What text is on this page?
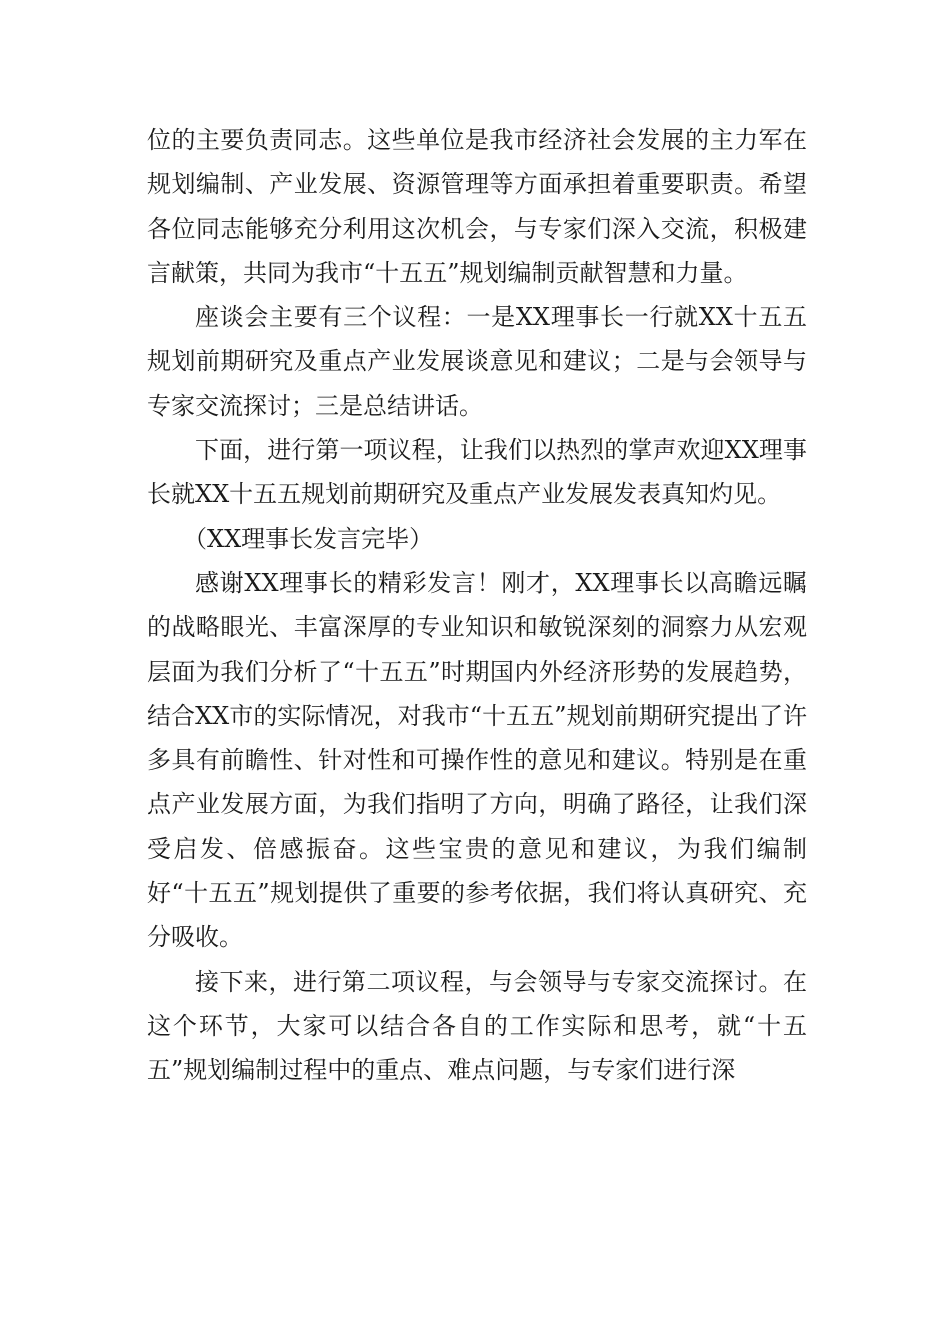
位的主要负责同志。这些单位是我市经济社会发展的主力军在规划编制、产业发展、资源管理等方面承担着重要职责。希望各位同志能够充分利用这次机会，与专家们深入交流，积极建言献策，共同为我市“十五五”规划编制贡献智慧和力量。

座谈会主要有三个议程：一是XX理事长一行就XX十五五规划前期研究及重点产业发展谈意见和建议；二是与会领导与专家交流探讨；三是总结讲话。

下面，进行第一项议程，让我们以热烈的掌声欢迎XX理事长就XX十五五规划前期研究及重点产业发展发表真知灼见。

（XX理事长发言完毕）

感谢XX理事长的精彩发言！刚才，XX理事长以高瞻远瞩的战略眼光、丰富深厚的专业知识和敏锐深刻的洞察力从宏观层面为我们分析了“十五五”时期国内外经济形势的发展趋势，结合XX市的实际情况，对我市“十五五”规划前期研究提出了许多具有前瞻性、针对性和可操作性的意见和建议。特别是在重点产业发展方面，为我们指明了方向，明确了路径，让我们深受启发、倍感振奋。这些宝贵的意见和建议，为我们编制好“十五五”规划提供了重要的参考依据，我们将认真研究、充分吸收。

接下来，进行第二项议程，与会领导与专家交流探讨。在这个环节，大家可以结合各自的工作实际和思考，就“十五五”规划编制过程中的重点、难点问题，与专家们进行深
